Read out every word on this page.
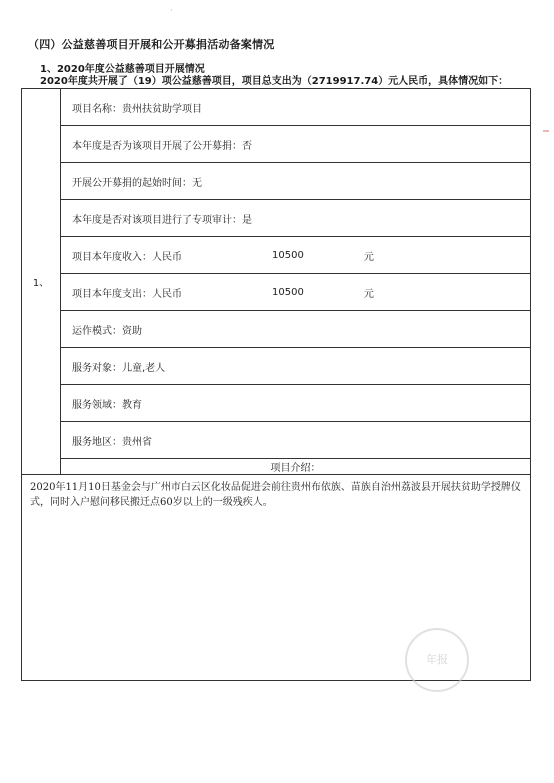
·
（四）公益慈善项目开展和公开募捐活动备案情况
1、2020年度公益慈善项目开展情况
2020年度共开展了（19）项公益慈善项目，项目总支出为（2719917.74）元人民币，具体情况如下：
1、	项目名称：贵州扶贫助学项目
本年度是否为该项目开展了公开募捐：否
开展公开募捐的起始时间：无
本年度是否对该项目进行了专项审计：是

项目本年度收入：人民币	10500	元

项目本年度支出：人民币	10500	元

运作模式：资助
服务对象：儿童,老人
服务领域：教育
服务地区：贵州省
项目介绍：
2020年11月10日基金会与广州市白云区化妆品促进会前往贵州布依族、苗族自治州荔波县开展扶贫助学授牌仪式，同时入户慰问移民搬迁点60岁以上的一级残疾人。
年报
